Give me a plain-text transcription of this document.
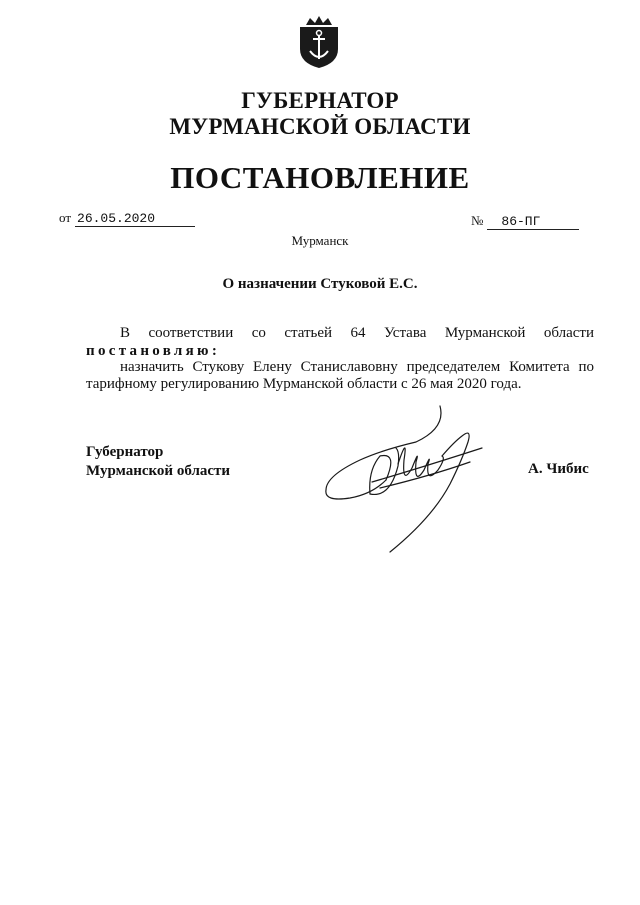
ГУБЕРНАТОР
МУРМАНСКОЙ ОБЛАСТИ
ПОСТАНОВЛЕНИЕ
от 26.05.2020	№ 86-ПГ
Мурманск
О назначении Стуковой Е.С.
В соответствии со статьей 64 Устава Мурманской области
постановляю:
назначить Стукову Елену Станиславовну председателем Комитета по
тарифному регулированию Мурманской области с 26 мая 2020 года.
Губернатор
Мурманской области	А. Чибис
